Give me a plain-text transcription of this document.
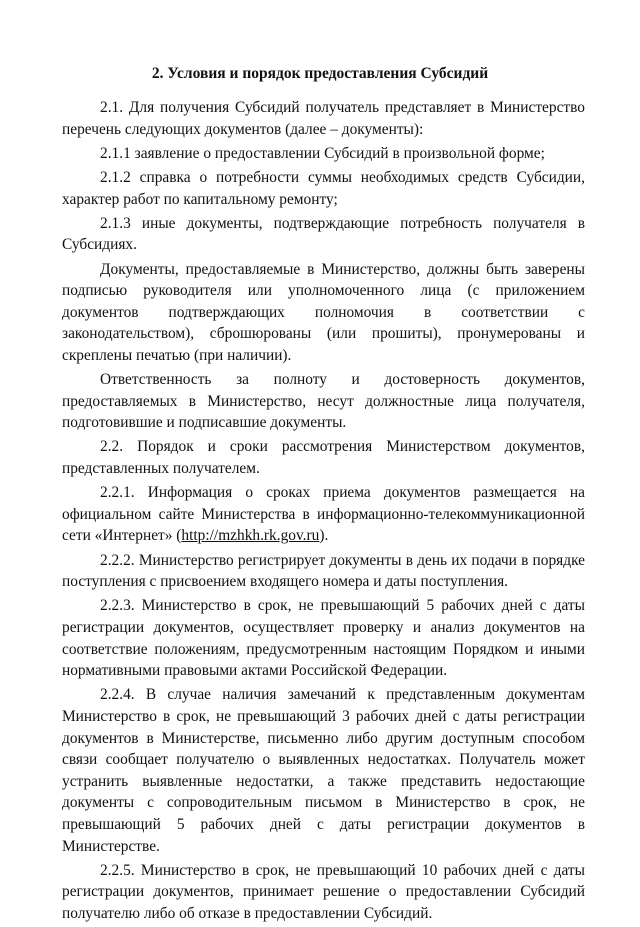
2. Условия и порядок предоставления Субсидий

2.1. Для получения Субсидий получатель представляет в Министерство перечень следующих документов (далее – документы):

2.1.1 заявление о предоставлении Субсидий в произвольной форме;

2.1.2 справка о потребности суммы необходимых средств Субсидии, характер работ по капитальному ремонту;

2.1.3 иные документы, подтверждающие потребность получателя в Субсидиях.

Документы, предоставляемые в Министерство, должны быть заверены подписью руководителя или уполномоченного лица (с приложением документов подтверждающих полномочия в соответствии с законодательством), сброшюрованы (или прошиты), пронумерованы и скреплены печатью (при наличии).

Ответственность за полноту и достоверность документов, предоставляемых в Министерство, несут должностные лица получателя, подготовившие и подписавшие документы.

2.2. Порядок и сроки рассмотрения Министерством документов, представленных получателем.

2.2.1. Информация о сроках приема документов размещается на официальном сайте Министерства в информационно-телекоммуникационной сети «Интернет» (http://mzhkh.rk.gov.ru).

2.2.2. Министерство регистрирует документы в день их подачи в порядке поступления с присвоением входящего номера и даты поступления.

2.2.3. Министерство в срок, не превышающий 5 рабочих дней с даты регистрации документов, осуществляет проверку и анализ документов на соответствие положениям, предусмотренным настоящим Порядком и иными нормативными правовыми актами Российской Федерации.

2.2.4. В случае наличия замечаний к представленным документам Министерство в срок, не превышающий 3 рабочих дней с даты регистрации документов в Министерстве, письменно либо другим доступным способом связи сообщает получателю о выявленных недостатках. Получатель может устранить выявленные недостатки, а также представить недостающие документы с сопроводительным письмом в Министерство в срок, не превышающий 5 рабочих дней с даты регистрации документов в Министерстве.

2.2.5. Министерство в срок, не превышающий 10 рабочих дней с даты регистрации документов, принимает решение о предоставлении Субсидий получателю либо об отказе в предоставлении Субсидий.
